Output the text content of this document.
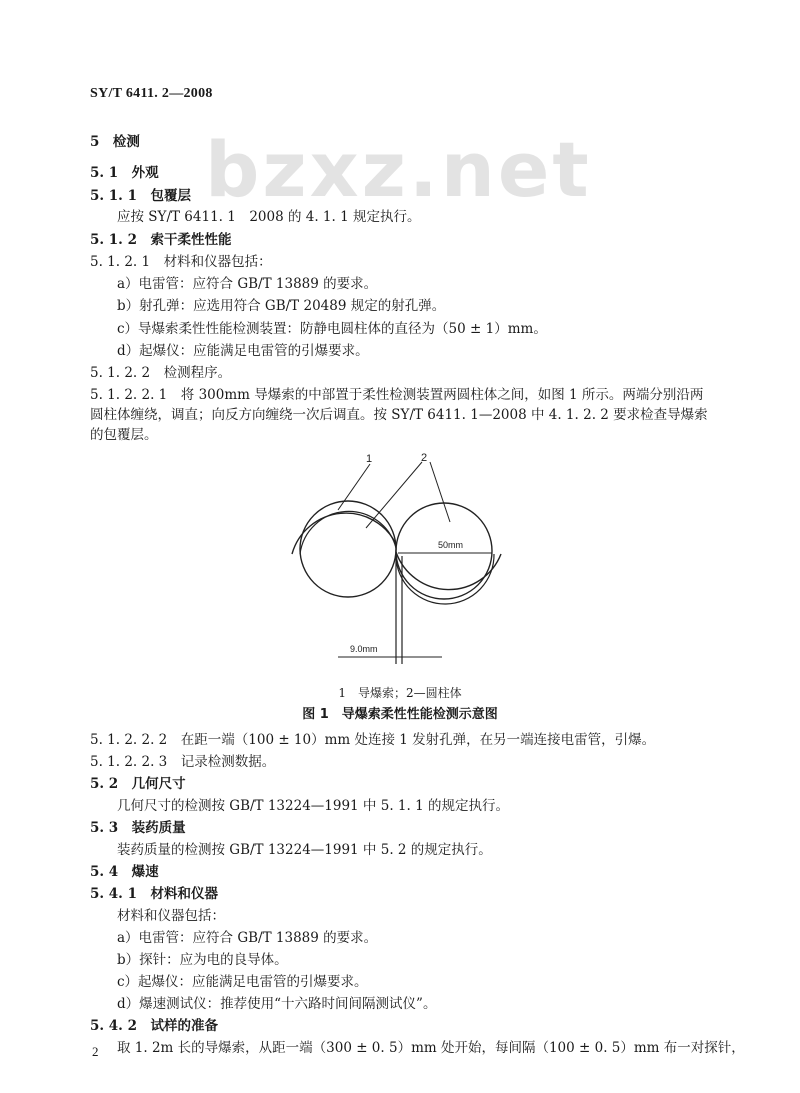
SY/T 6411. 2—2008
bzxz.net
5　检测
5. 1　外观
5. 1. 1　包覆层
应按 SY/T 6411. 1　2008 的 4. 1. 1 规定执行。
5. 1. 2　索干柔性性能
5. 1. 2. 1　材料和仪器包括：
a）电雷管：应符合 GB/T 13889 的要求。
b）射孔弹：应选用符合 GB/T 20489 规定的射孔弹。
c）导爆索柔性性能检测装置：防静电圆柱体的直径为（50 ± 1）mm。
d）起爆仪：应能满足电雷管的引爆要求。
5. 1. 2. 2　检测程序。
5. 1. 2. 2. 1　将 300mm 导爆索的中部置于柔性检测装置两圆柱体之间，如图 1 所示。两端分别沿两圆柱体缠绕，调直；向反方向缠绕一次后调直。按 SY/T 6411. 1—2008 中 4. 1. 2. 2 要求检查导爆索的包覆层。
1	2
50mm
9.0mm
1　导爆索；2—圆柱体
图 1　导爆索柔性性能检测示意图
5. 1. 2. 2. 2　在距一端（100 ± 10）mm 处连接 1 发射孔弹，在另一端连接电雷管，引爆。
5. 1. 2. 2. 3　记录检测数据。
5. 2　几何尺寸
几何尺寸的检测按 GB/T 13224—1991 中 5. 1. 1 的规定执行。
5. 3　装药质量
装药质量的检测按 GB/T 13224—1991 中 5. 2 的规定执行。
5. 4　爆速
5. 4. 1　材料和仪器
材料和仪器包括：
a）电雷管：应符合 GB/T 13889 的要求。
b）探针：应为电的良导体。
c）起爆仪：应能满足电雷管的引爆要求。
d）爆速测试仪：推荐使用“十六路时间间隔测试仪”。
5. 4. 2　试样的准备
取 1. 2m 长的导爆索，从距一端（300 ± 0. 5）mm 处开始，每间隔（100 ± 0. 5）mm 布一对探针，
2
